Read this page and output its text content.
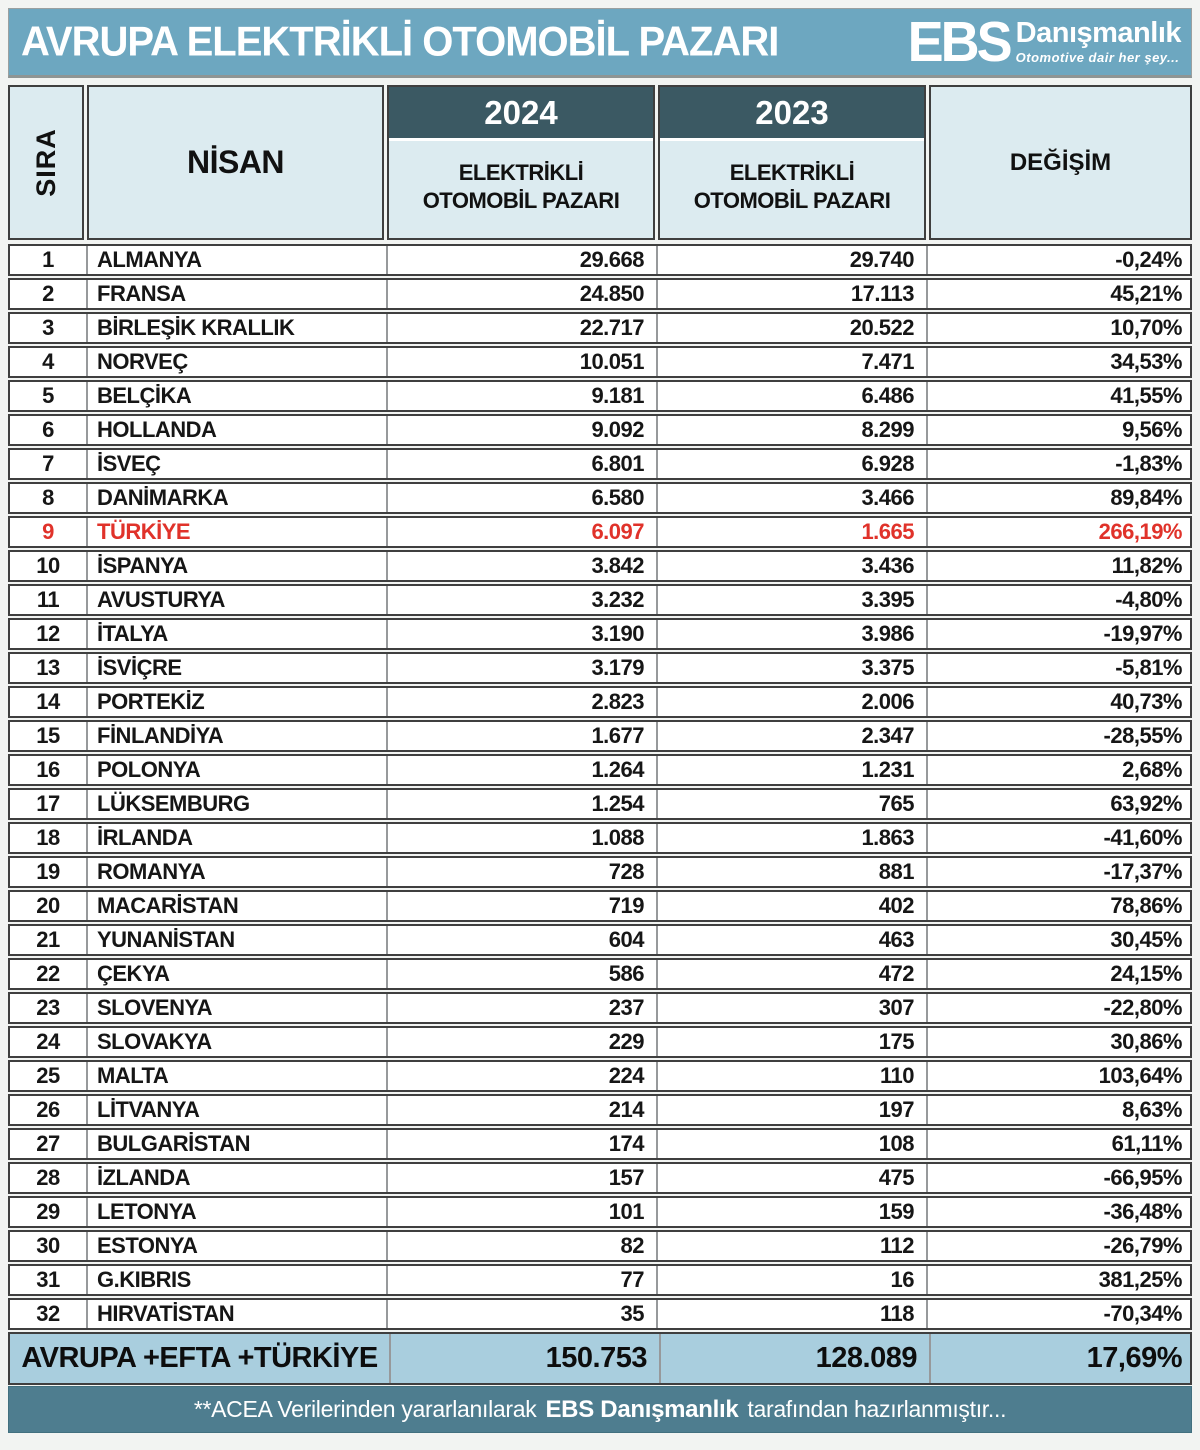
AVRUPA ELEKTRİKLİ OTOMOBİL PAZARI EBS Danışmanlık
Otomotive dair her şey...
SIRA	NİSAN
2024
ELEKTRİKLİ OTOMOBİL PAZARI
2023
ELEKTRİKLİ OTOMOBİL PAZARI
DEĞİŞİM
1	ALMANYA	29.668	29.740	-0,24%
2	FRANSA	24.850	17.113	45,21%
3	BİRLEŞİK KRALLIK	22.717	20.522	10,70%
4	NORVEÇ	10.051	7.471	34,53%
5	BELÇİKA	9.181	6.486	41,55%
6	HOLLANDA	9.092	8.299	9,56%
7	İSVEÇ	6.801	6.928	-1,83%
8	DANİMARKA	6.580	3.466	89,84%
9	TÜRKİYE	6.097	1.665	266,19%
10	İSPANYA	3.842	3.436	11,82%
11	AVUSTURYA	3.232	3.395	-4,80%
12	İTALYA	3.190	3.986	-19,97%
13	İSVİÇRE	3.179	3.375	-5,81%
14	PORTEKİZ	2.823	2.006	40,73%
15	FİNLANDİYA	1.677	2.347	-28,55%
16	POLONYA	1.264	1.231	2,68%
17	LÜKSEMBURG	1.254	765	63,92%
18	İRLANDA	1.088	1.863	-41,60%
19	ROMANYA	728	881	-17,37%
20	MACARİSTAN	719	402	78,86%
21	YUNANİSTAN	604	463	30,45%
22	ÇEKYA	586	472	24,15%
23	SLOVENYA	237	307	-22,80%
24	SLOVAKYA	229	175	30,86%
25	MALTA	224	110	103,64%
26	LİTVANYA	214	197	8,63%
27	BULGARİSTAN	174	108	61,11%
28	İZLANDA	157	475	-66,95%
29	LETONYA	101	159	-36,48%
30	ESTONYA	82	112	-26,79%
31	G.KIBRIS	77	16	381,25%
32	HIRVATİSTAN	35	118	-70,34%
AVRUPA +EFTA +TÜRKİYE	150.753	128.089	17,69%
**ACEA Verilerinden yararlanılarak EBS Danışmanlık tarafından hazırlanmıştır...
